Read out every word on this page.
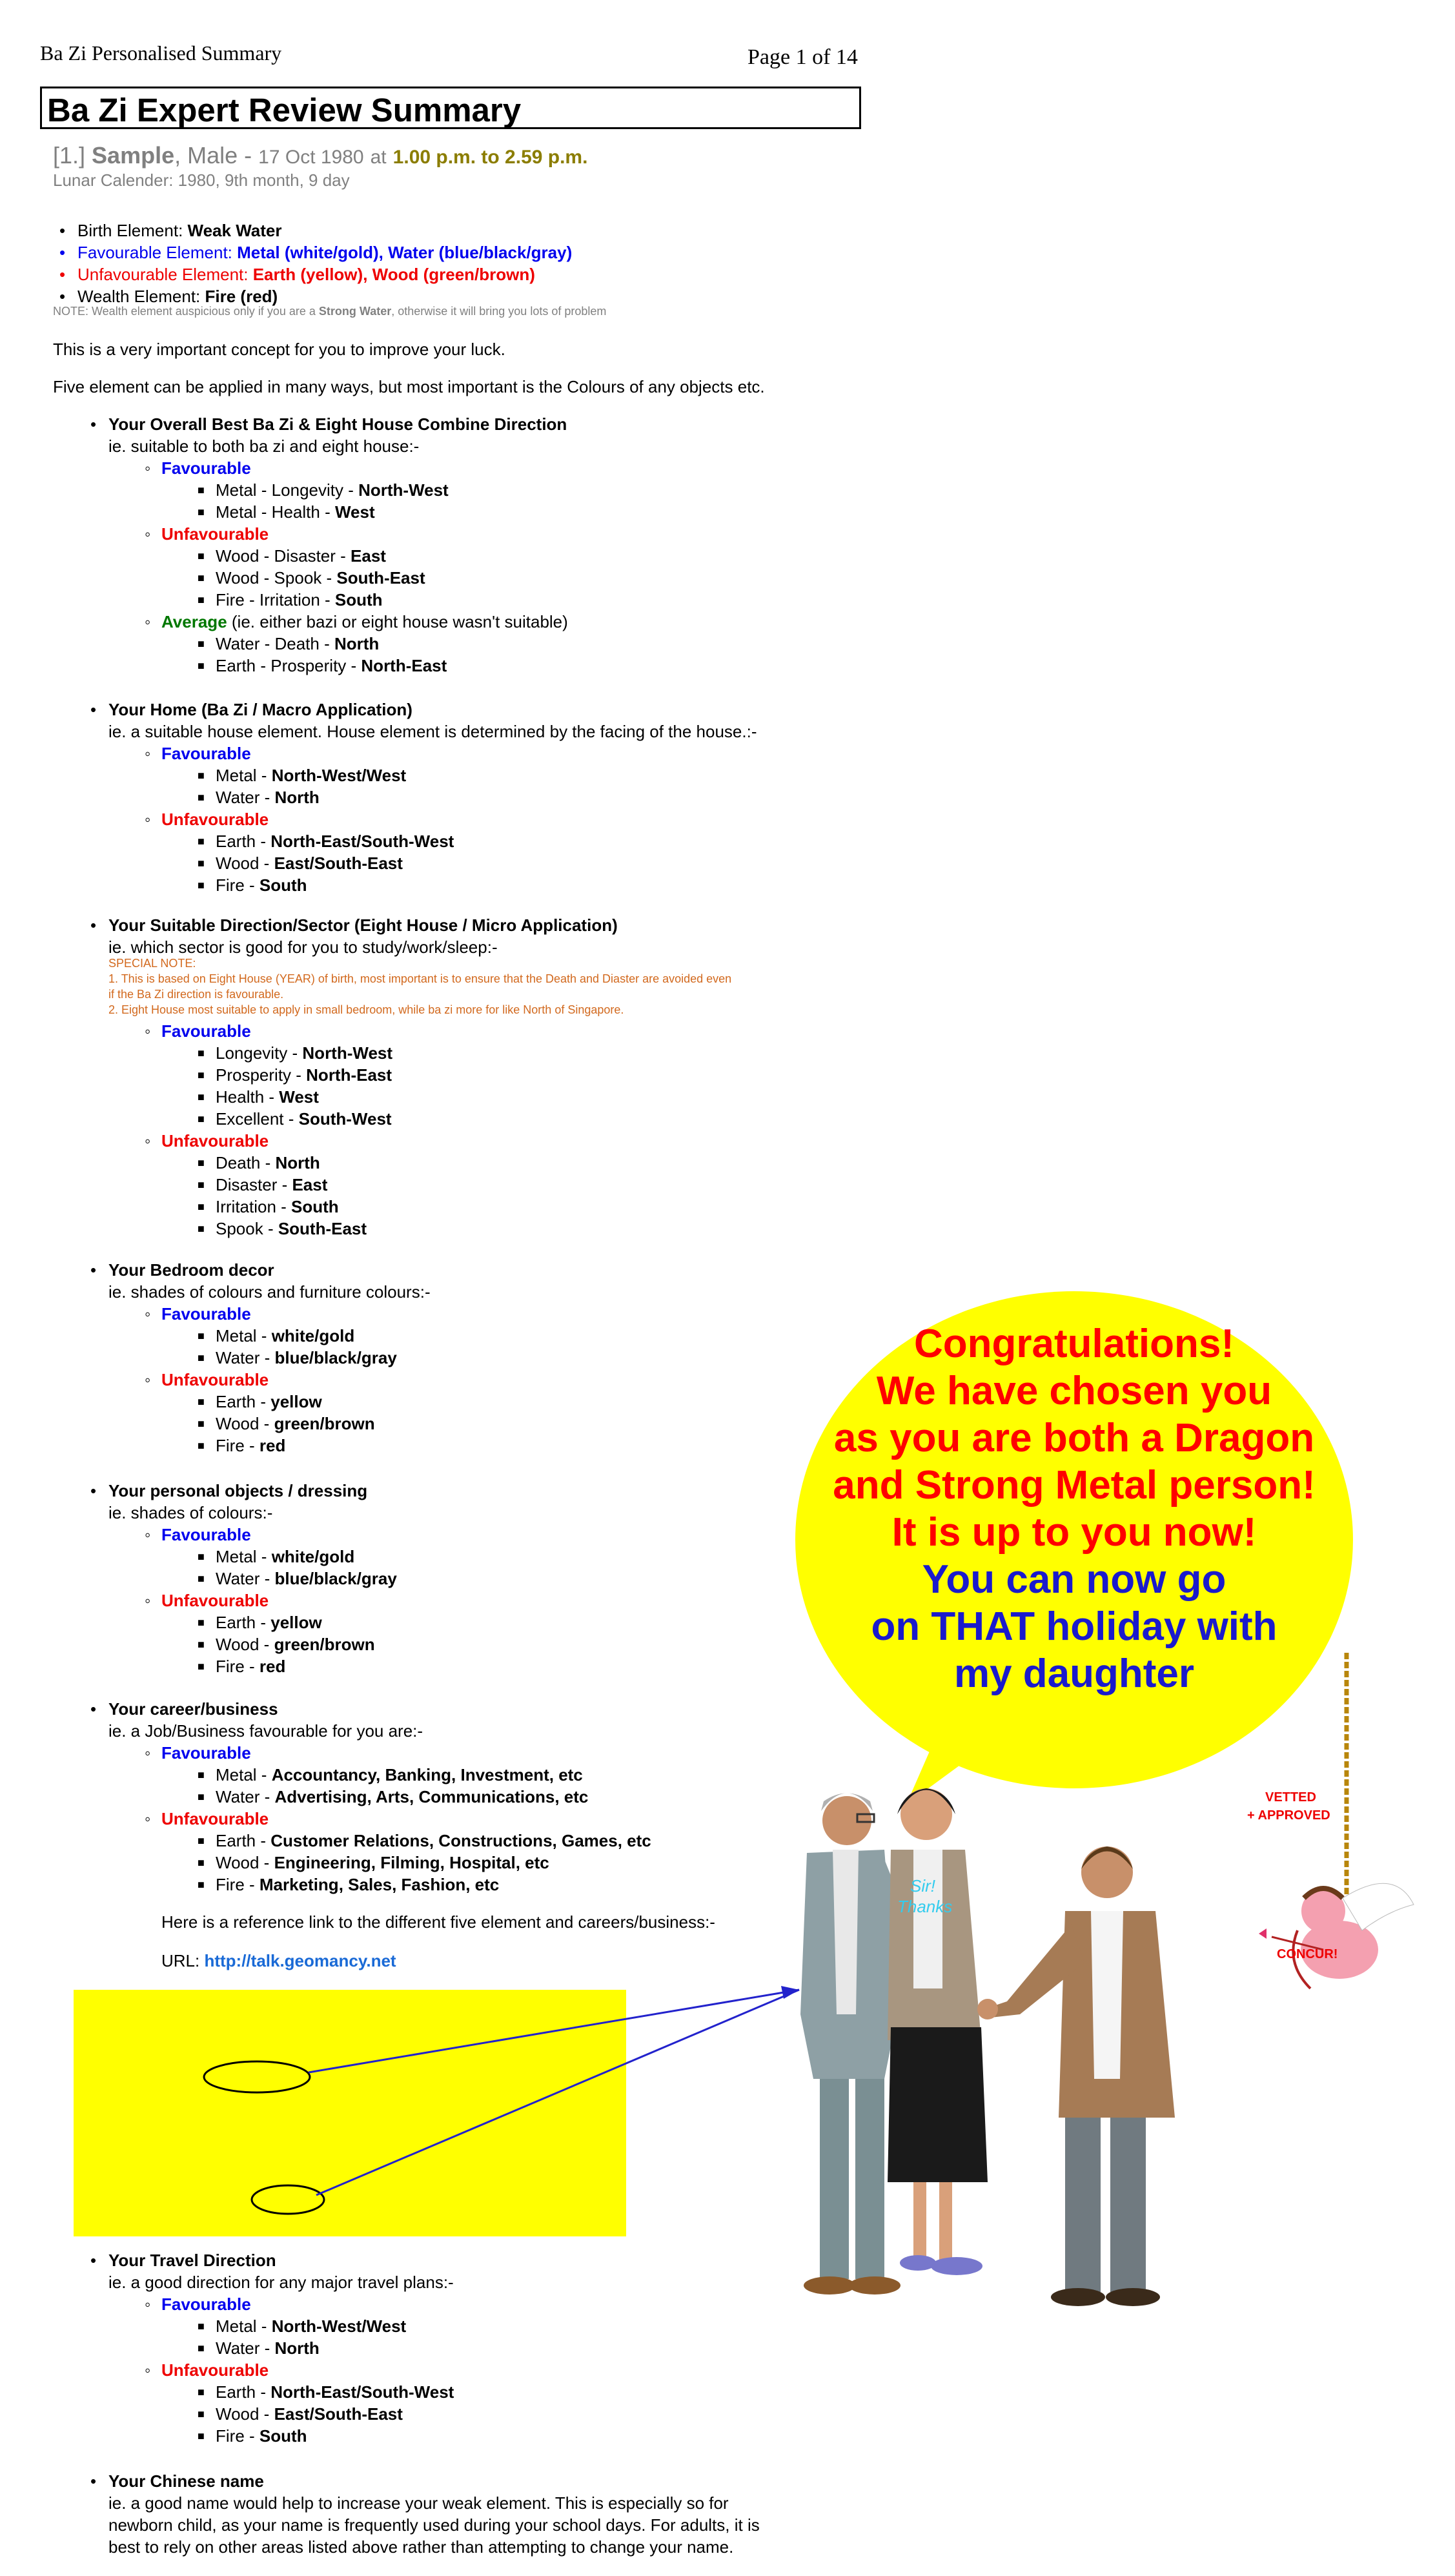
Ba Zi Personalised Summary	Page 1 of 14
Ba Zi Expert Review Summary
[1.] Sample, Male - 17 Oct 1980 at 1.00 p.m. to 2.59 p.m.
Lunar Calender: 1980, 9th month, 9 day
• Birth Element: Weak Water
• Favourable Element: Metal (white/gold), Water (blue/black/gray)
• Unfavourable Element: Earth (yellow), Wood (green/brown)
• Wealth Element: Fire (red)
NOTE: Wealth element auspicious only if you are a Strong Water, otherwise it will bring you lots of problem
This is a very important concept for you to improve your luck.
Five element can be applied in many ways, but most important is the Colours of any objects etc.
• Your Overall Best Ba Zi & Eight House Combine Direction
ie. suitable to both ba zi and eight house:-
◦ Favourable
■ Metal - Longevity - North-West
■ Metal - Health - West
◦ Unfavourable
■ Wood - Disaster - East
■ Wood - Spook - South-East
■ Fire - Irritation - South
◦ Average (ie. either bazi or eight house wasn't suitable)
■ Water - Death - North
■ Earth - Prosperity - North-East
• Your Home (Ba Zi / Macro Application)
ie. a suitable house element. House element is determined by the facing of the house.:-
◦ Favourable
■ Metal - North-West/West
■ Water - North
◦ Unfavourable
■ Earth - North-East/South-West
■ Wood - East/South-East
■ Fire - South
• Your Suitable Direction/Sector (Eight House / Micro Application)
ie. which sector is good for you to study/work/sleep:-
SPECIAL NOTE:
1. This is based on Eight House (YEAR) of birth, most important is to ensure that the Death and Diaster are avoided even
if the Ba Zi direction is favourable.
2. Eight House most suitable to apply in small bedroom, while ba zi more for like North of Singapore.
◦ Favourable
■ Longevity - North-West
■ Prosperity - North-East
■ Health - West
■ Excellent - South-West
◦ Unfavourable
■ Death - North
■ Disaster - East
■ Irritation - South
■ Spook - South-East
• Your Bedroom decor
ie. shades of colours and furniture colours:-
◦ Favourable
■ Metal - white/gold
■ Water - blue/black/gray
◦ Unfavourable
■ Earth - yellow
■ Wood - green/brown
■ Fire - red
• Your personal objects / dressing
ie. shades of colours:-
◦ Favourable
■ Metal - white/gold
■ Water - blue/black/gray
◦ Unfavourable
■ Earth - yellow
■ Wood - green/brown
■ Fire - red
• Your career/business
ie. a Job/Business favourable for you are:-
◦ Favourable
■ Metal - Accountancy, Banking, Investment, etc
■ Water - Advertising, Arts, Communications, etc
◦ Unfavourable
■ Earth - Customer Relations, Constructions, Games, etc
■ Wood - Engineering, Filming, Hospital, etc
■ Fire - Marketing, Sales, Fashion, etc
Here is a reference link to the different five element and careers/business:-
URL: http://talk.geomancy.net
•
◦
■
◦
■
•
◦
◦
• Your Travel Direction
ie. a good direction for any major travel plans:-
◦ Favourable
■ Metal - North-West/West
■ Water - North
◦ Unfavourable
■ Earth - North-East/South-West
■ Wood - East/South-East
■ Fire - South
• Your Chinese name
ie. a good name would help to increase your weak element. This is especially so for
newborn child, as your name is frequently used during your school days. For adults, it is
best to rely on other areas listed above rather than attempting to change your name.
Congratulations!
We have chosen you
as you are both a Dragon
and Strong Metal person!
It is up to you now!
You can now go
on THAT holiday with
my daughter
Sir!
Thanks
VETTED
+ APPROVED
CONCUR!
